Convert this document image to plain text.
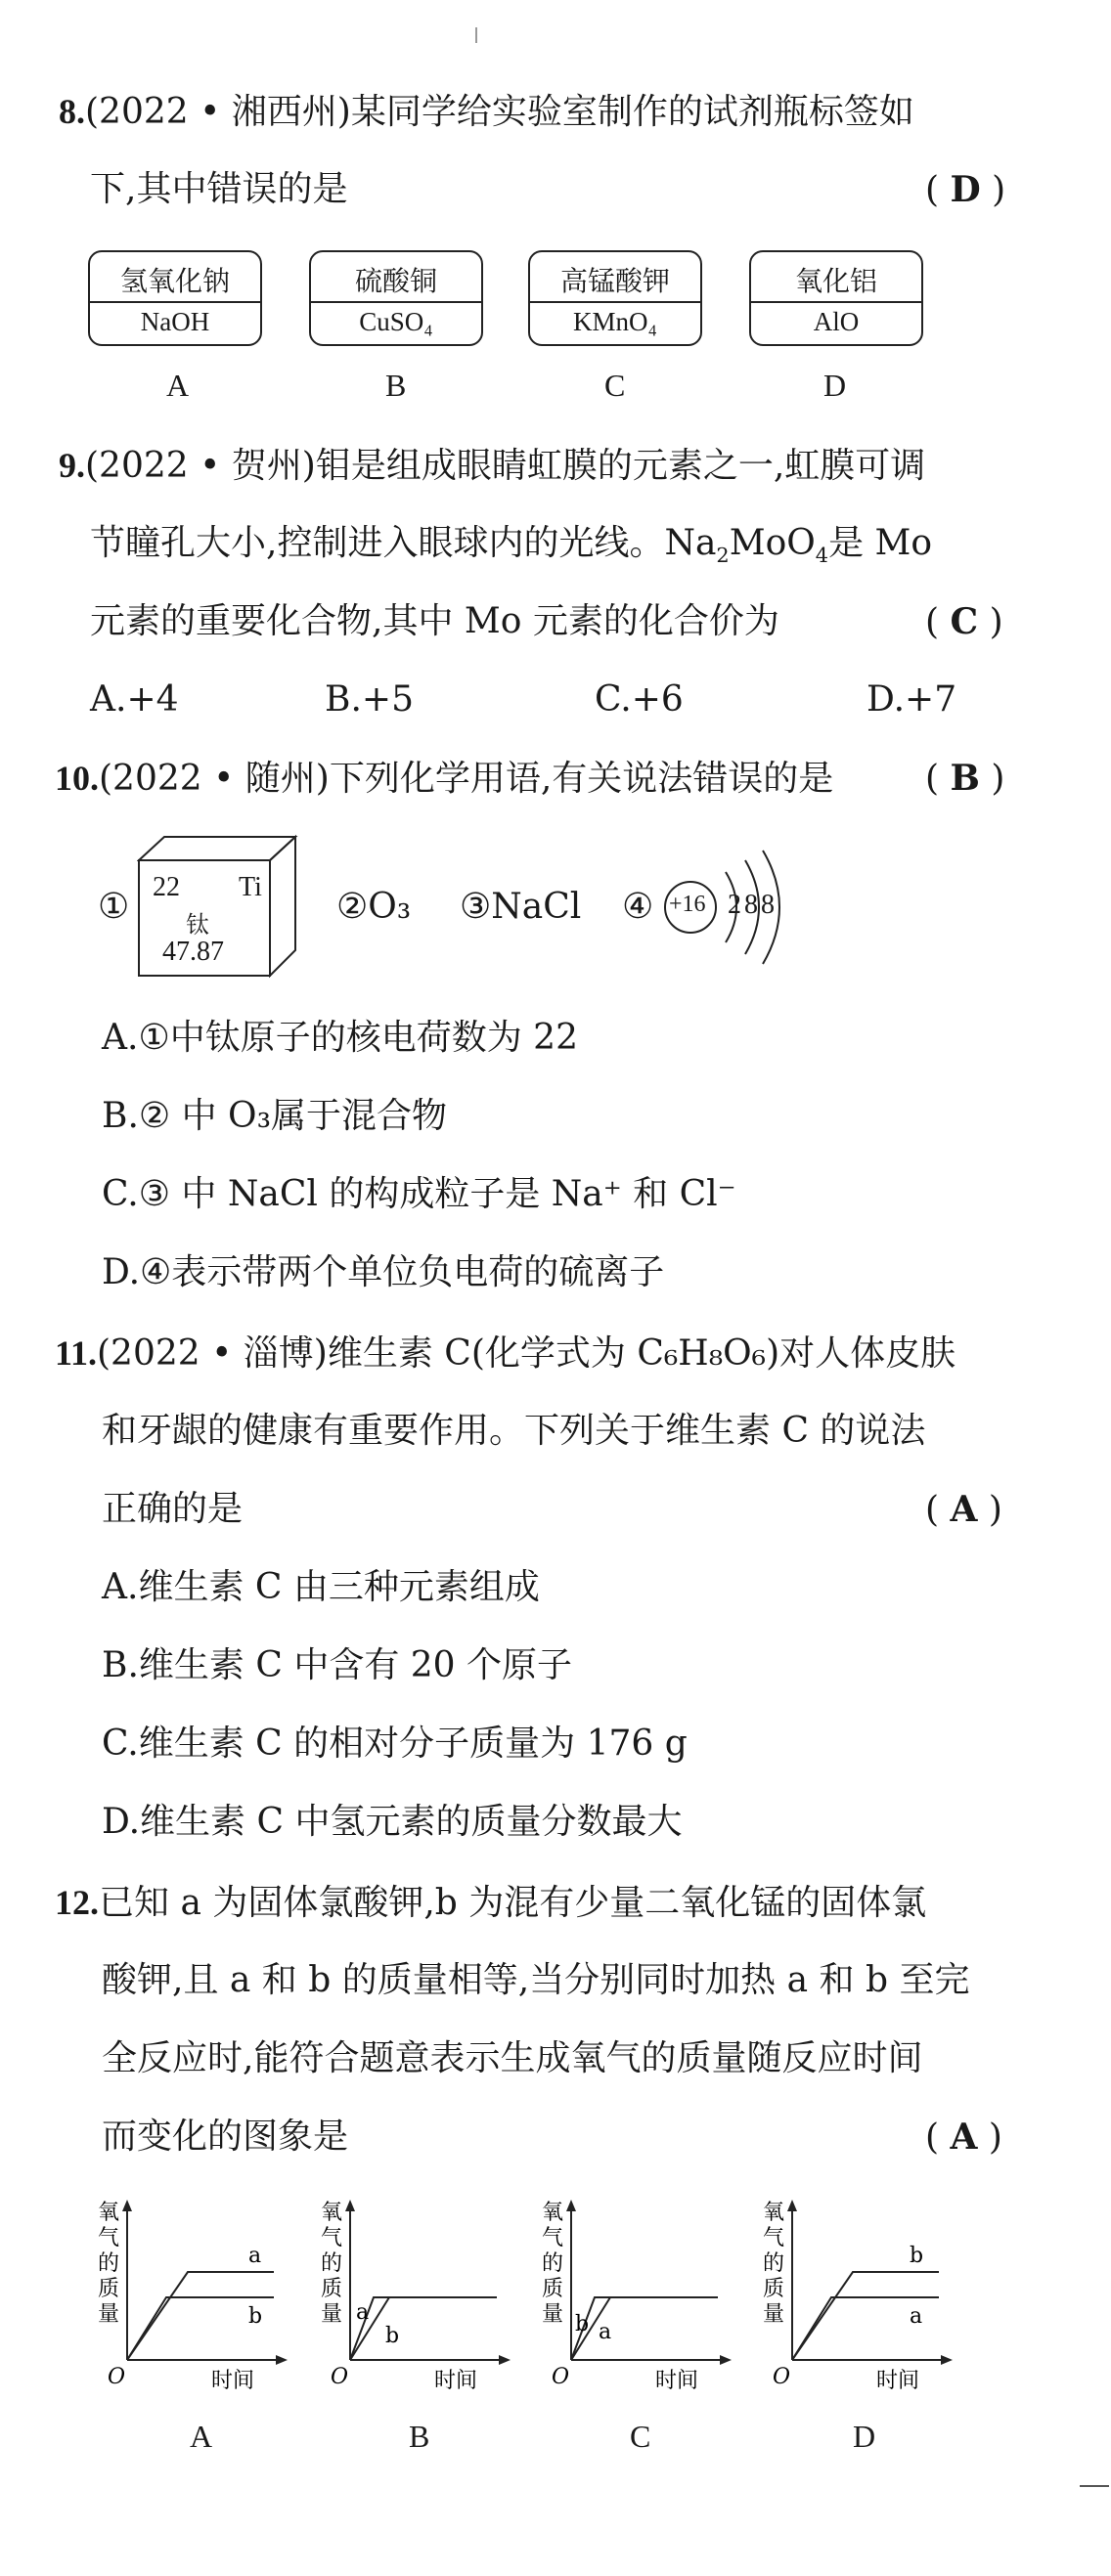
8.(2022 • 湘西州)某同学给实验室制作的试剂瓶标签如
下,其中错误的是	( D )
氢氧化钠
NaOH
硫酸铜
CuSO₄
高锰酸钾
KMnO₄
氧化铝
AlO
A	B	C	D
9.(2022 • 贺州)钼是组成眼睛虹膜的元素之一,虹膜可调
节瞳孔大小,控制进入眼球内的光线。$Na_2MoO_4$是 Mo
元素的重要化合物,其中 Mo 元素的化合价为	( C )
A.+4	B.+5	C.+6	D.+7
10.(2022 • 随州)下列化学用语,有关说法错误的是	( B )
① 22 Ti
钛
47.87
②O₃ ③NaCl ④ +16 2 8 8
A.①中钛原子的核电荷数为 22
B.② 中 O₃属于混合物
C.③ 中 NaCl 的构成粒子是 Na⁺ 和 Cl⁻
D.④表示带两个单位负电荷的硫离子
11.(2022 • 淄博)维生素 C(化学式为 C₆H₈O₆)对人体皮肤
和牙龈的健康有重要作用。下列关于维生素 C 的说法
正确的是	( A )
A.维生素 C 由三种元素组成
B.维生素 C 中含有 20 个原子
C.维生素 C 的相对分子质量为 176 g
D.维生素 C 中氢元素的质量分数最大
12.已知 a 为固体氯酸钾,b 为混有少量二氧化锰的固体氯
酸钾,且 a 和 b 的质量相等,当分别同时加热 a 和 b 至完
全反应时,能符合题意表示生成氧气的质量随反应时间
而变化的图象是	( A )
氧
气
的
质
量
O	时间
a
b
氧
气
的
质
量
O	时间
a
b
氧
气
的
质
量
O	时间
b a
氧
气
的
质
量
O	时间
b
a
A	B	C	D
